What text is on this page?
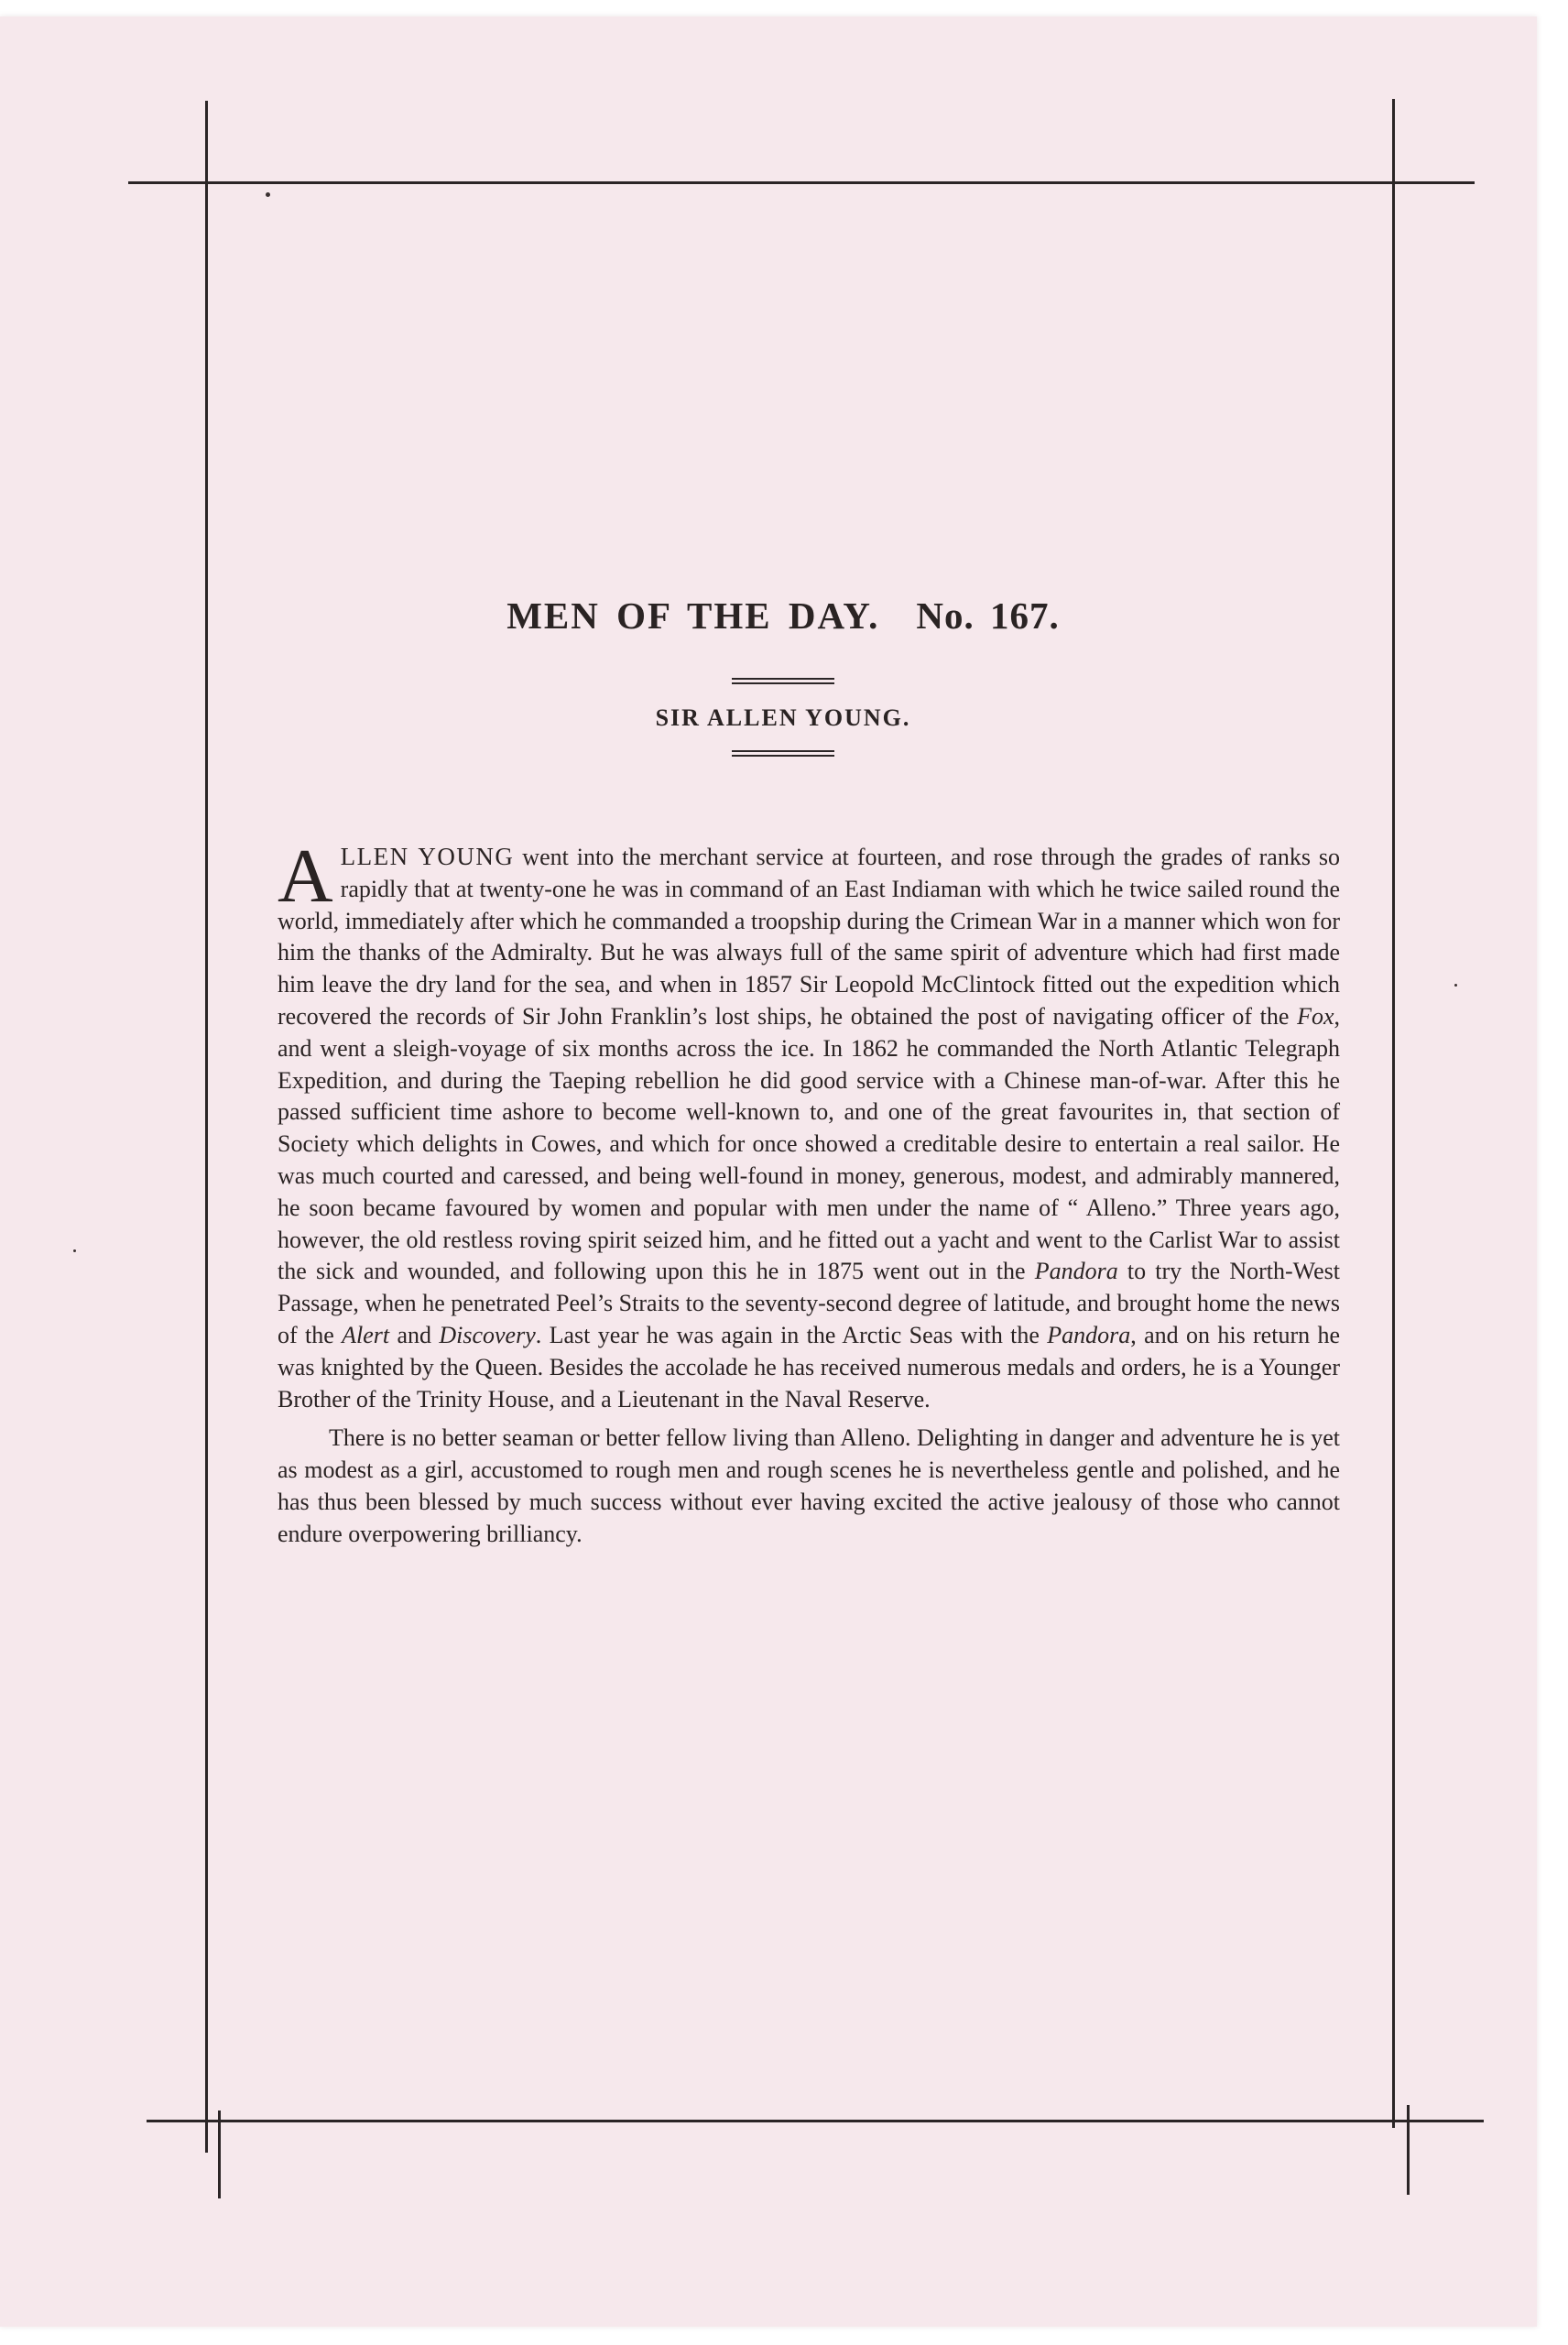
MEN OF THE DAY. No. 167.
SIR ALLEN YOUNG.

ALLEN YOUNG went into the merchant service at fourteen, and rose through the grades of ranks so rapidly that at twenty-one he was in command of an East Indiaman with which he twice sailed round the world, immediately after which he commanded a troopship during the Crimean War in a manner which won for him the thanks of the Admiralty. But he was always full of the same spirit of adventure which had first made him leave the dry land for the sea, and when in 1857 Sir Leopold McClintock fitted out the expedition which recovered the records of Sir John Franklin’s lost ships, he obtained the post of navigating officer of the Fox, and went a sleigh-voyage of six months across the ice. In 1862 he commanded the North Atlantic Telegraph Expedition, and during the Taeping rebellion he did good service with a Chinese man-of-war. After this he passed sufficient time ashore to become well-known to, and one of the great favourites in, that section of Society which delights in Cowes, and which for once showed a creditable desire to entertain a real sailor. He was much courted and caressed, and being well-found in money, generous, modest, and admirably mannered, he soon became favoured by women and popular with men under the name of “ Alleno.” Three years ago, however, the old restless roving spirit seized him, and he fitted out a yacht and went to the Carlist War to assist the sick and wounded, and following upon this he in 1875 went out in the Pandora to try the North-West Passage, when he penetrated Peel’s Straits to the seventy-second degree of latitude, and brought home the news of the Alert and Discovery. Last year he was again in the Arctic Seas with the Pandora, and on his return he was knighted by the Queen. Besides the accolade he has received numerous medals and orders, he is a Younger Brother of the Trinity House, and a Lieutenant in the Naval Reserve.

There is no better seaman or better fellow living than Alleno. Delighting in danger and adventure he is yet as modest as a girl, accustomed to rough men and rough scenes he is nevertheless gentle and polished, and he has thus been blessed by much success without ever having excited the active jealousy of those who cannot endure overpowering brilliancy.
